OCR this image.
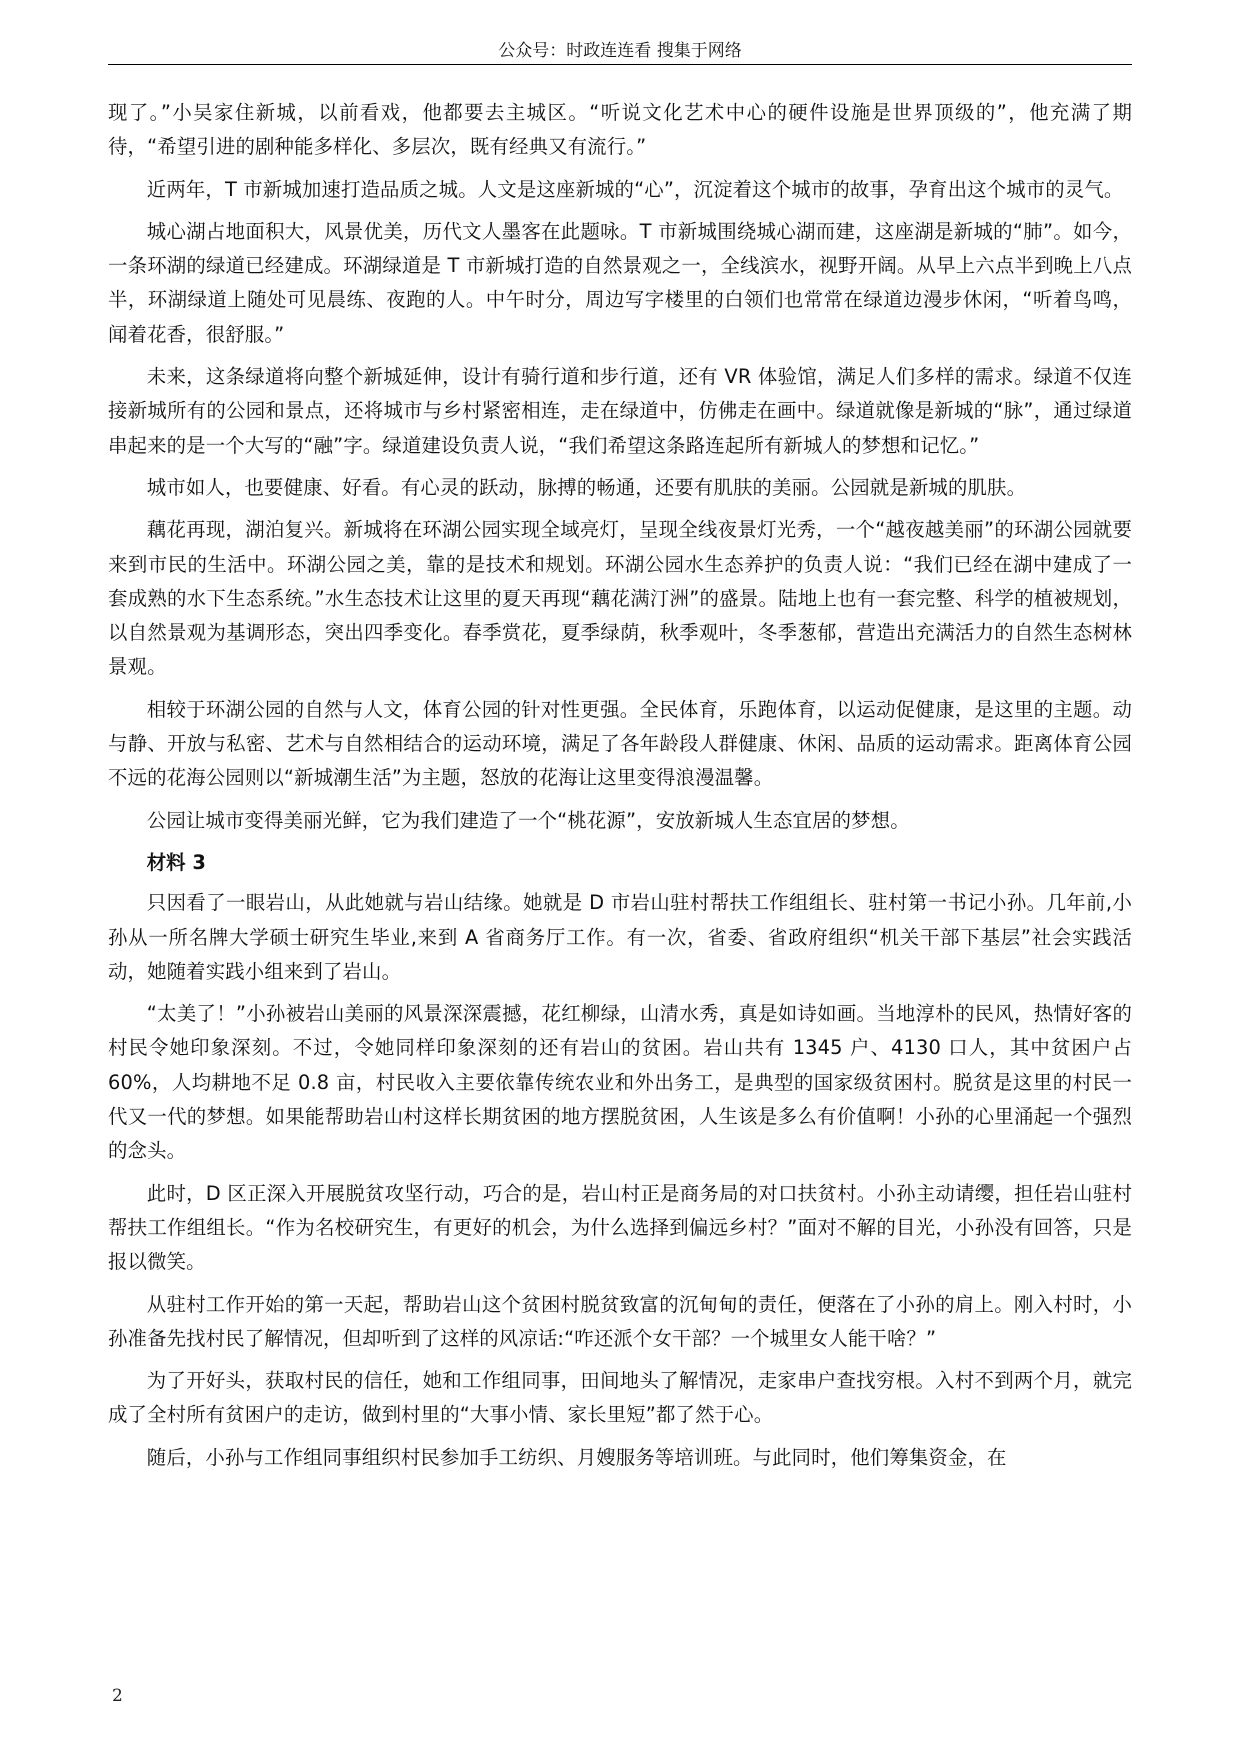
公众号：时政连连看 搜集于网络

现了。”小吴家住新城，以前看戏，他都要去主城区。“听说文化艺术中心的硬件设施是世界顶级的”，他充满了期待，“希望引进的剧种能多样化、多层次，既有经典又有流行。”

近两年，T 市新城加速打造品质之城。人文是这座新城的“心”，沉淀着这个城市的故事，孕育出这个城市的灵气。

城心湖占地面积大，风景优美，历代文人墨客在此题咏。T 市新城围绕城心湖而建，这座湖是新城的“肺”。如今，一条环湖的绿道已经建成。环湖绿道是 T 市新城打造的自然景观之一，全线滨水，视野开阔。从早上六点半到晚上八点半，环湖绿道上随处可见晨练、夜跑的人。中午时分，周边写字楼里的白领们也常常在绿道边漫步休闲，“听着鸟鸣，闻着花香，很舒服。”

未来，这条绿道将向整个新城延伸，设计有骑行道和步行道，还有 VR 体验馆，满足人们多样的需求。绿道不仅连接新城所有的公园和景点，还将城市与乡村紧密相连，走在绿道中，仿佛走在画中。绿道就像是新城的“脉”，通过绿道串起来的是一个大写的“融”字。绿道建设负责人说，“我们希望这条路连起所有新城人的梦想和记忆。”

城市如人，也要健康、好看。有心灵的跃动，脉搏的畅通，还要有肌肤的美丽。公园就是新城的肌肤。

藕花再现，湖泊复兴。新城将在环湖公园实现全域亮灯，呈现全线夜景灯光秀，一个“越夜越美丽”的环湖公园就要来到市民的生活中。环湖公园之美，靠的是技术和规划。环湖公园水生态养护的负责人说：“我们已经在湖中建成了一套成熟的水下生态系统。”水生态技术让这里的夏天再现“藕花满汀洲”的盛景。陆地上也有一套完整、科学的植被规划，以自然景观为基调形态，突出四季变化。春季赏花，夏季绿荫，秋季观叶，冬季葱郁，营造出充满活力的自然生态树林景观。

相较于环湖公园的自然与人文，体育公园的针对性更强。全民体育，乐跑体育，以运动促健康，是这里的主题。动与静、开放与私密、艺术与自然相结合的运动环境，满足了各年龄段人群健康、休闲、品质的运动需求。距离体育公园不远的花海公园则以“新城潮生活”为主题，怒放的花海让这里变得浪漫温馨。

公园让城市变得美丽光鲜，它为我们建造了一个“桃花源”，安放新城人生态宜居的梦想。

材料 3

只因看了一眼岩山，从此她就与岩山结缘。她就是 D 市岩山驻村帮扶工作组组长、驻村第一书记小孙。几年前,小孙从一所名牌大学硕士研究生毕业,来到 A 省商务厅工作。有一次，省委、省政府组织“机关干部下基层”社会实践活动，她随着实践小组来到了岩山。

“太美了！”小孙被岩山美丽的风景深深震撼，花红柳绿，山清水秀，真是如诗如画。当地淳朴的民风，热情好客的村民令她印象深刻。不过，令她同样印象深刻的还有岩山的贫困。岩山共有 1345 户、4130 口人，其中贫困户占 60%，人均耕地不足 0.8 亩，村民收入主要依靠传统农业和外出务工，是典型的国家级贫困村。脱贫是这里的村民一代又一代的梦想。如果能帮助岩山村这样长期贫困的地方摆脱贫困，人生该是多么有价值啊！小孙的心里涌起一个强烈的念头。

此时，D 区正深入开展脱贫攻坚行动，巧合的是，岩山村正是商务局的对口扶贫村。小孙主动请缨，担任岩山驻村帮扶工作组组长。“作为名校研究生，有更好的机会，为什么选择到偏远乡村？”面对不解的目光，小孙没有回答，只是报以微笑。

从驻村工作开始的第一天起，帮助岩山这个贫困村脱贫致富的沉甸甸的责任，便落在了小孙的肩上。刚入村时，小孙准备先找村民了解情况，但却听到了这样的风凉话:“咋还派个女干部？一个城里女人能干啥？”

为了开好头，获取村民的信任，她和工作组同事，田间地头了解情况，走家串户查找穷根。入村不到两个月，就完成了全村所有贫困户的走访，做到村里的“大事小情、家长里短”都了然于心。

随后，小孙与工作组同事组织村民参加手工纺织、月嫂服务等培训班。与此同时，他们筹集资金，在

2
